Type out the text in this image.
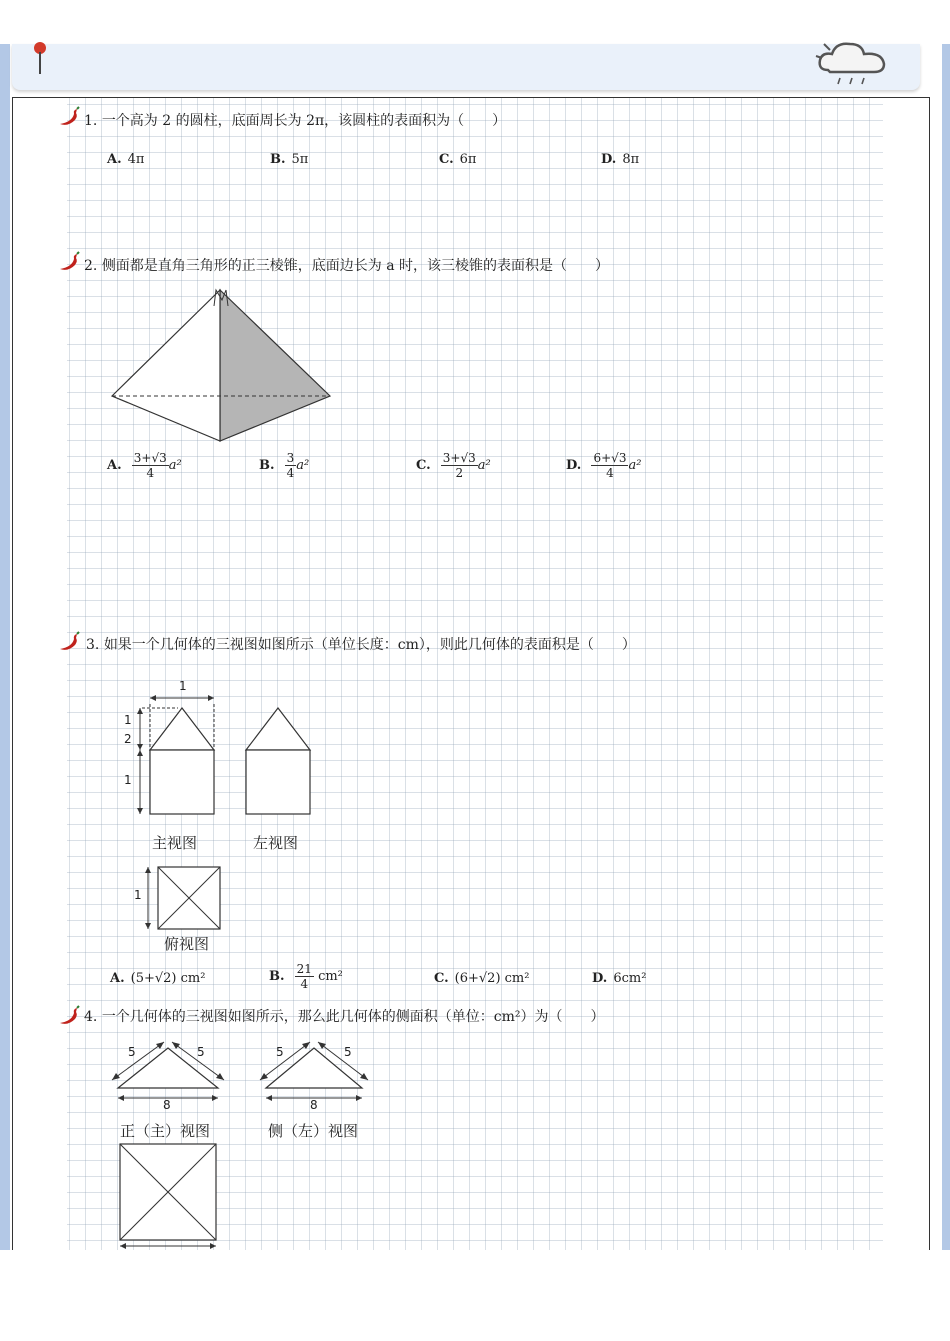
1. 一个高为 2 的圆柱，底面周长为 2π，该圆柱的表面积为（　　）
A. 4π	B. 5π	C. 6π	D. 8π
2. 侧面都是直角三角形的正三棱锥，底面边长为 a 时，该三棱锥的表面积是（　　）
A. $\frac{3+√3}{4} a^2$	B. $\frac{3}{4} a^2$	C. $\frac{3+√3}{2} a^2$	D. $\frac{6+√3}{4} a^2$
3. 如果一个几何体的三视图如图所示（单位长度：cm），则此几何体的表面积是（　　）
1
1
2
1
主视图	左视图
1
俯视图
A. (5+√2) cm²	B. $\frac{21}{4} cm^2$	C. (6+√2) cm²	D. 6cm²
4. 一个几何体的三视图如图所示，那么此几何体的侧面积（单位：cm²）为（　　）
5	5
8
正（主）视图
5	5
8
侧（左）视图
